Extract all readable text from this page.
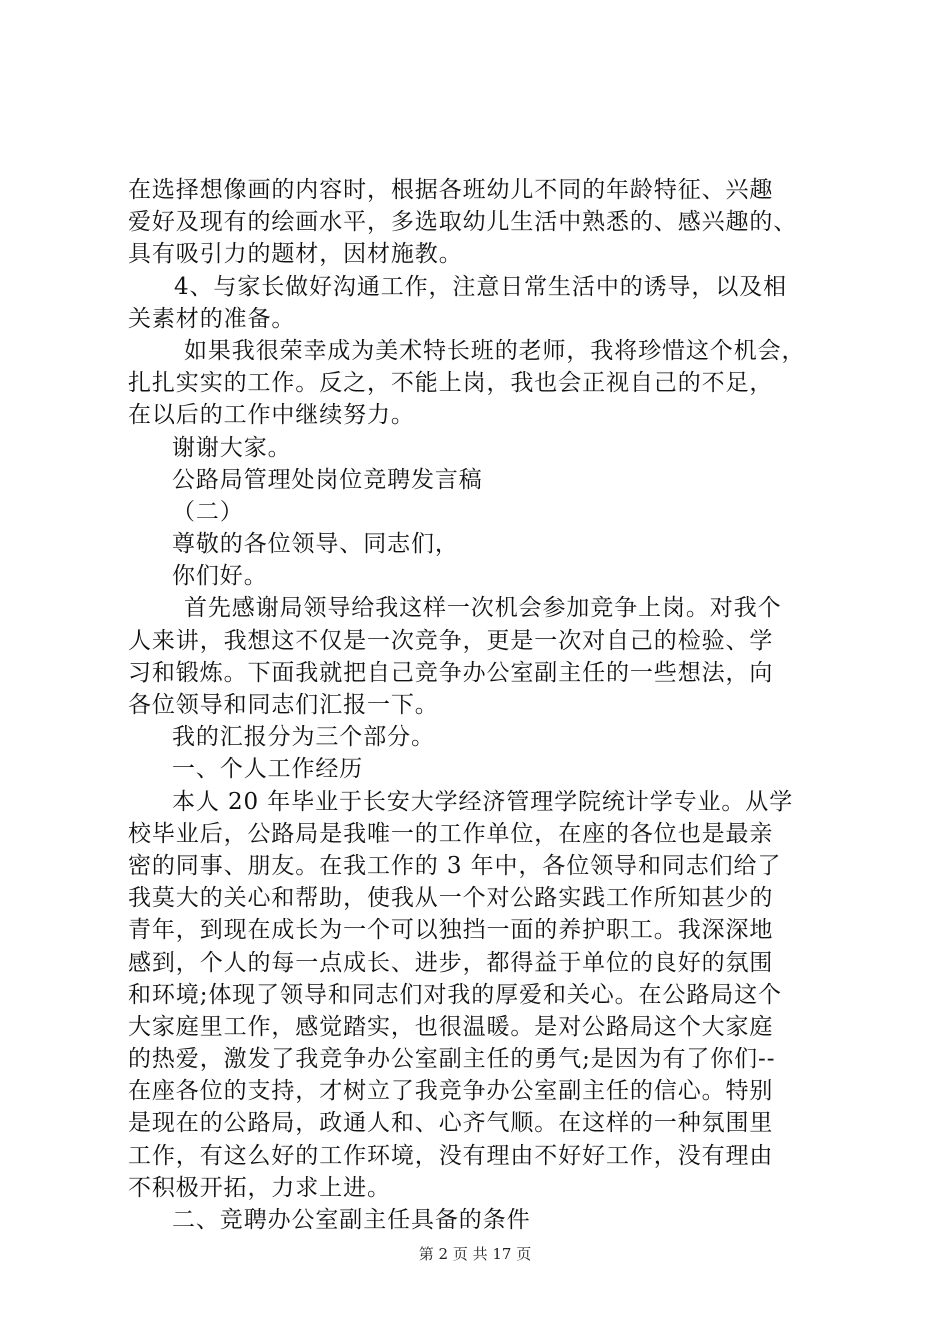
在选择想像画的内容时，根据各班幼儿不同的年龄特征、兴趣
爱好及现有的绘画水平，多选取幼儿生活中熟悉的、感兴趣的、
具有吸引力的题材，因材施教。
4、与家长做好沟通工作，注意日常生活中的诱导，以及相
关素材的准备。
如果我很荣幸成为美术特长班的老师，我将珍惜这个机会，
扎扎实实的工作。反之，不能上岗，我也会正视自己的不足，
在以后的工作中继续努力。
谢谢大家。
公路局管理处岗位竞聘发言稿
（二）
尊敬的各位领导、同志们，
你们好。
首先感谢局领导给我这样一次机会参加竞争上岗。对我个
人来讲，我想这不仅是一次竞争，更是一次对自己的检验、学
习和锻炼。下面我就把自己竞争办公室副主任的一些想法，向
各位领导和同志们汇报一下。
我的汇报分为三个部分。
一、个人工作经历
本人 20 年毕业于长安大学经济管理学院统计学专业。从学
校毕业后，公路局是我唯一的工作单位，在座的各位也是最亲
密的同事、朋友。在我工作的 3 年中，各位领导和同志们给了
我莫大的关心和帮助，使我从一个对公路实践工作所知甚少的
青年，到现在成长为一个可以独挡一面的养护职工。我深深地
感到，个人的每一点成长、进步，都得益于单位的良好的氛围
和环境;体现了领导和同志们对我的厚爱和关心。在公路局这个
大家庭里工作，感觉踏实，也很温暖。是对公路局这个大家庭
的热爱，激发了我竞争办公室副主任的勇气;是因为有了你们--
在座各位的支持，才树立了我竞争办公室副主任的信心。特别
是现在的公路局，政通人和、心齐气顺。在这样的一种氛围里
工作，有这么好的工作环境，没有理由不好好工作，没有理由
不积极开拓，力求上进。
二、竞聘办公室副主任具备的条件
第 2 页 共 17 页
